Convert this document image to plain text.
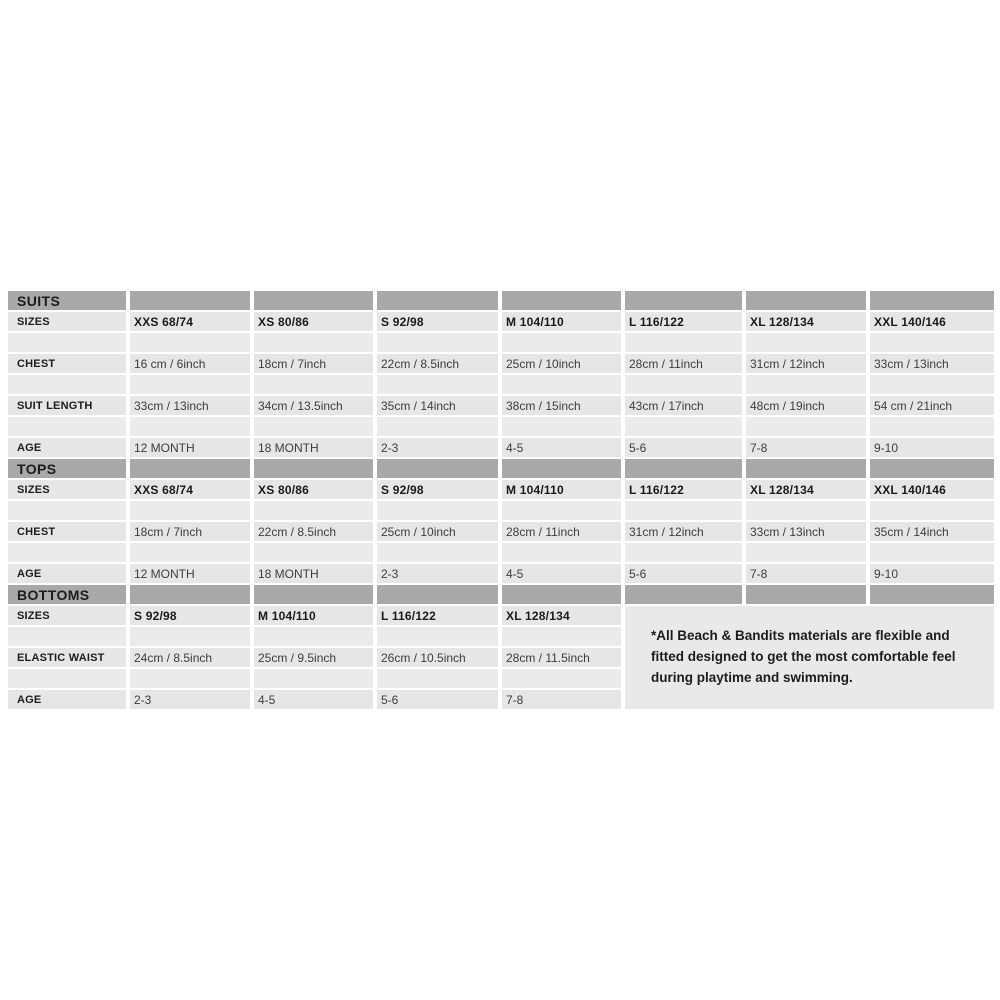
SUITS
SIZES	XXS 68/74	XS 80/86	S 92/98	M 104/110	L 116/122	XL 128/134	XXL 140/146
CHEST	16 cm / 6inch	18cm / 7inch	22cm / 8.5inch	25cm / 10inch	28cm / 11inch	31cm / 12inch	33cm / 13inch
SUIT LENGTH	33cm / 13inch	34cm / 13.5inch	35cm / 14inch	38cm / 15inch	43cm / 17inch	48cm / 19inch	54 cm / 21inch
AGE	12 MONTH	18 MONTH	2-3	4-5	5-6	7-8	9-10
TOPS
SIZES	XXS 68/74	XS 80/86	S 92/98	M 104/110	L 116/122	XL 128/134	XXL 140/146
CHEST	18cm / 7inch	22cm / 8.5inch	25cm / 10inch	28cm / 11inch	31cm / 12inch	33cm / 13inch	35cm / 14inch
AGE	12 MONTH	18 MONTH	2-3	4-5	5-6	7-8	9-10
BOTTOMS
SIZES	S 92/98	M 104/110	L 116/122	XL 128/134
ELASTIC WAIST	24cm / 8.5inch	25cm / 9.5inch	26cm / 10.5inch	28cm / 11.5inch
AGE	2-3	4-5	5-6	7-8
*All Beach & Bandits materials are flexible and fitted designed to get the most comfortable feel during playtime and swimming.
